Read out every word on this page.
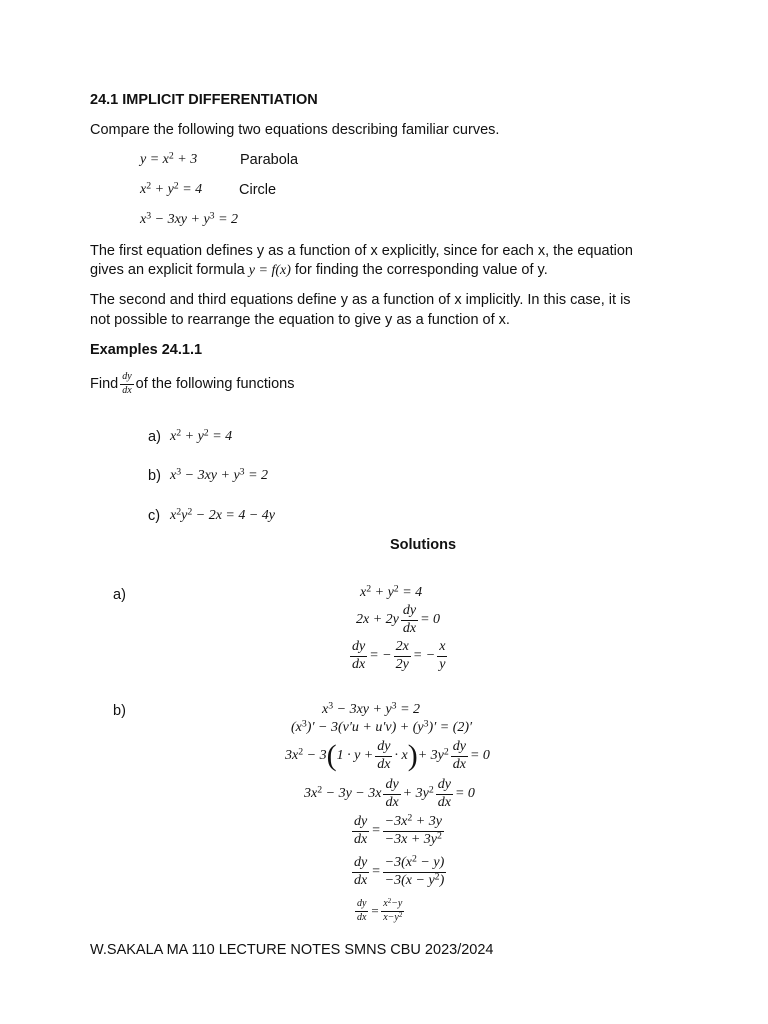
24.1 IMPLICIT DIFFERENTIATION
Compare the following two equations describing familiar curves.
$y = x^2 + 3$	Parabola
$x^2 + y^2 = 4$	Circle
$x^3 - 3xy + y^3 = 2$
The first equation defines y as a function of x explicitly, since for each x, the equation
gives an explicit formula y = f(x) for finding the corresponding value of y.
The second and third equations define y as a function of x implicitly. In this case, it is
not possible to rearrange the equation to give y as a function of x.
Examples 24.1.1
Find $\frac{dy}{dx}$ of the following functions
a) $x^2 + y^2 = 4$
b) $x^3 - 3xy + y^3 = 2$
c) $x^2y^2 - 2x = 4 - 4y$
Solutions
a)	$x^2 + y^2 = 4$
$2x + 2y \frac{dy}{dx} = 0$
$\frac{dy}{dx}$ = − $\frac{2x}{2y}$ = − $\frac{x}{y}$
b)	$x^3 - 3xy + y^3 = 2$
$(x^3)' - 3(v'u + u'v) + (y^3)' = (2)'$
$3x^2 - 3$ ( $1 \cdot y + \frac{dy}{dx} \cdot x$ ) + $3y^2 \frac{dy}{dx} = 0$
$3x^2 - 3y - 3x \frac{dy}{dx} + 3y^2 \frac{dy}{dx} = 0$
$\frac{dy}{dx} = \frac{-3x^2 + 3y}{-3x + 3y^2}$
$\frac{dy}{dx} = \frac{-3(x^2 - y)}{-3(x - y^2)}$
$\frac{dy}{dx} = \frac{x^2-y}{x-y^2}$
W.SAKALA MA 110 LECTURE NOTES SMNS CBU 2023/2024
